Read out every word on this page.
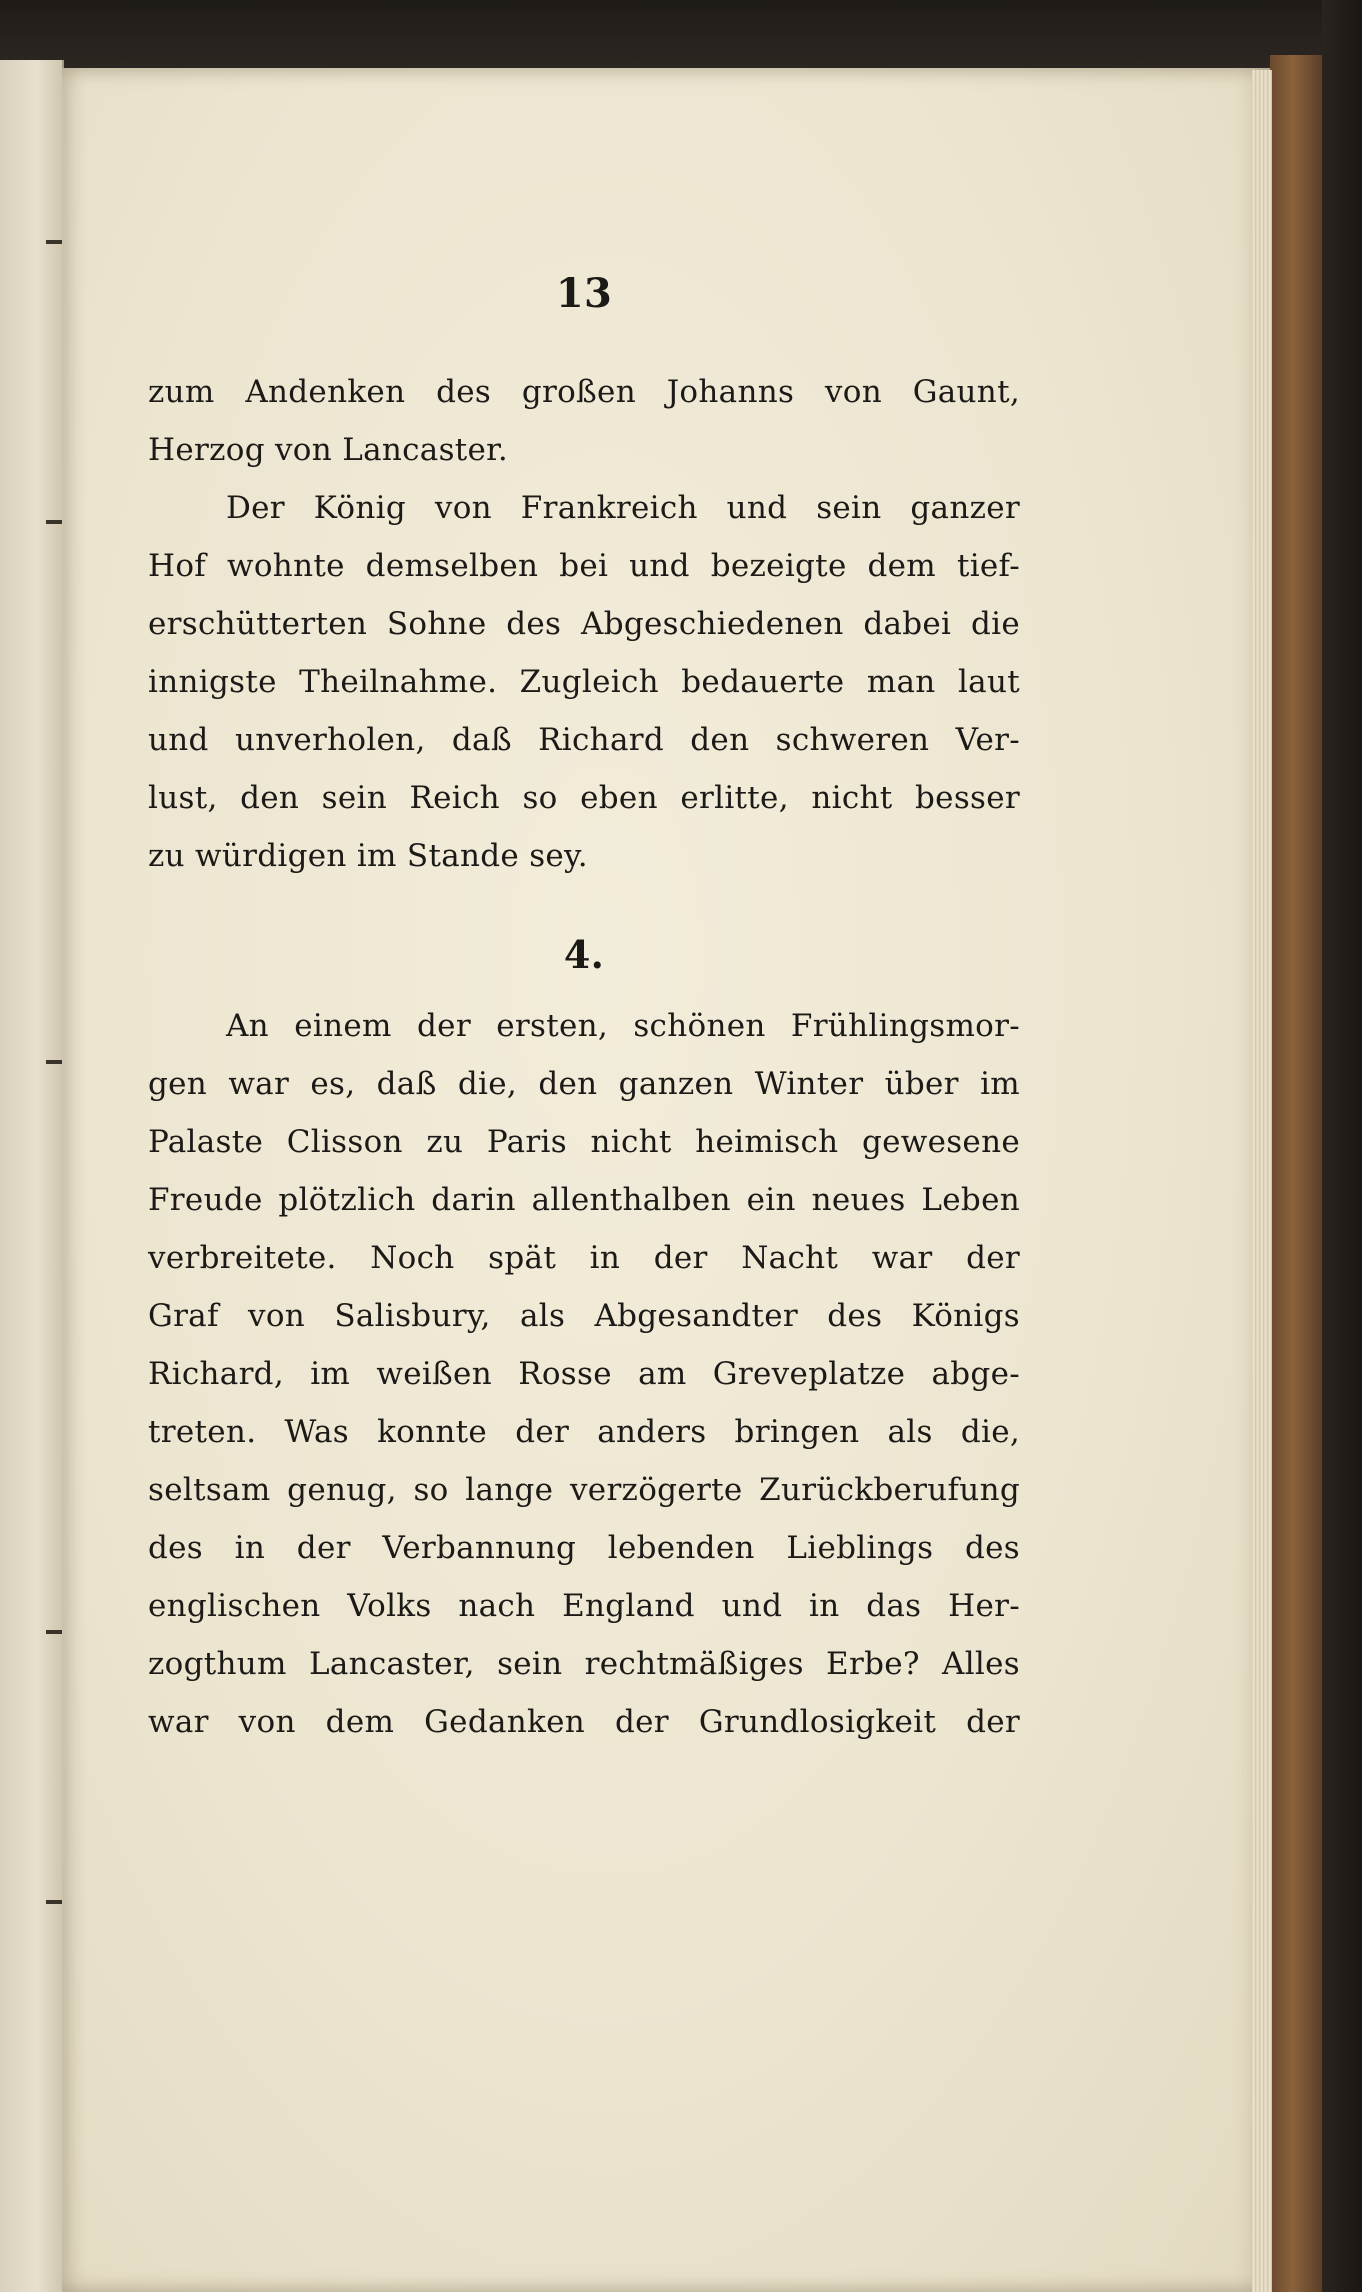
13
zum Andenken des großen Johanns von Gaunt,
Herzog von Lancaster.
Der König von Frankreich und sein ganzer
Hof wohnte demselben bei und bezeigte dem tief-
erschütterten Sohne des Abgeschiedenen dabei die
innigste Theilnahme. Zugleich bedauerte man laut
und unverholen, daß Richard den schweren Ver-
lust, den sein Reich so eben erlitte, nicht besser
zu würdigen im Stande sey.
4.
An einem der ersten, schönen Frühlingsmor-
gen war es, daß die, den ganzen Winter über im
Palaste Clisson zu Paris nicht heimisch gewesene
Freude plötzlich darin allenthalben ein neues Leben
verbreitete. Noch spät in der Nacht war der
Graf von Salisbury, als Abgesandter des Königs
Richard, im weißen Rosse am Greveplatze abge-
treten. Was konnte der anders bringen als die,
seltsam genug, so lange verzögerte Zurückberufung
des in der Verbannung lebenden Lieblings des
englischen Volks nach England und in das Her-
zogthum Lancaster, sein rechtmäßiges Erbe? Alles
war von dem Gedanken der Grundlosigkeit der
